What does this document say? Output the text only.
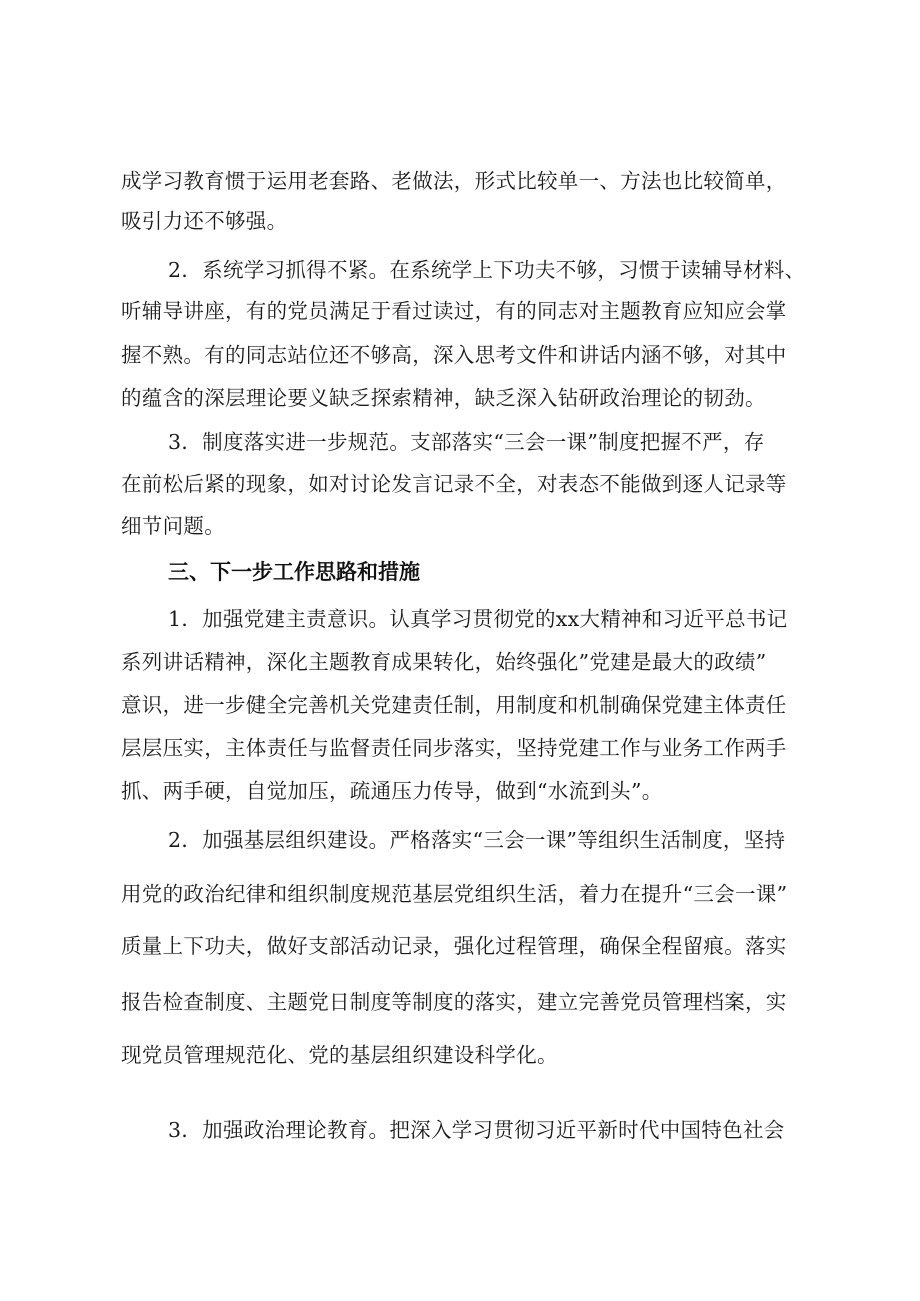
成学习教育惯于运用老套路、老做法，形式比较单一、方法也比较简单，

吸引力还不够强。

2．系统学习抓得不紧。在系统学上下功夫不够，习惯于读辅导材料、

听辅导讲座，有的党员满足于看过读过，有的同志对主题教育应知应会掌

握不熟。有的同志站位还不够高，深入思考文件和讲话内涵不够，对其中

的蕴含的深层理论要义缺乏探索精神，缺乏深入钻研政治理论的韧劲。

3．制度落实进一步规范。支部落实“三会一课”制度把握不严，存

在前松后紧的现象，如对讨论发言记录不全，对表态不能做到逐人记录等

细节问题。

三、下一步工作思路和措施

1．加强党建主责意识。认真学习贯彻党的xx大精神和习近平总书记

系列讲话精神，深化主题教育成果转化，始终强化”党建是最大的政绩”

意识，进一步健全完善机关党建责任制，用制度和机制确保党建主体责任

层层压实，主体责任与监督责任同步落实，坚持党建工作与业务工作两手

抓、两手硬，自觉加压，疏通压力传导，做到“水流到头”。

2．加强基层组织建设。严格落实“三会一课”等组织生活制度，坚持

用党的政治纪律和组织制度规范基层党组织生活，着力在提升“三会一课”

质量上下功夫，做好支部活动记录，强化过程管理，确保全程留痕。落实

报告检查制度、主题党日制度等制度的落实，建立完善党员管理档案，实

现党员管理规范化、党的基层组织建设科学化。

3．加强政治理论教育。把深入学习贯彻习近平新时代中国特色社会
